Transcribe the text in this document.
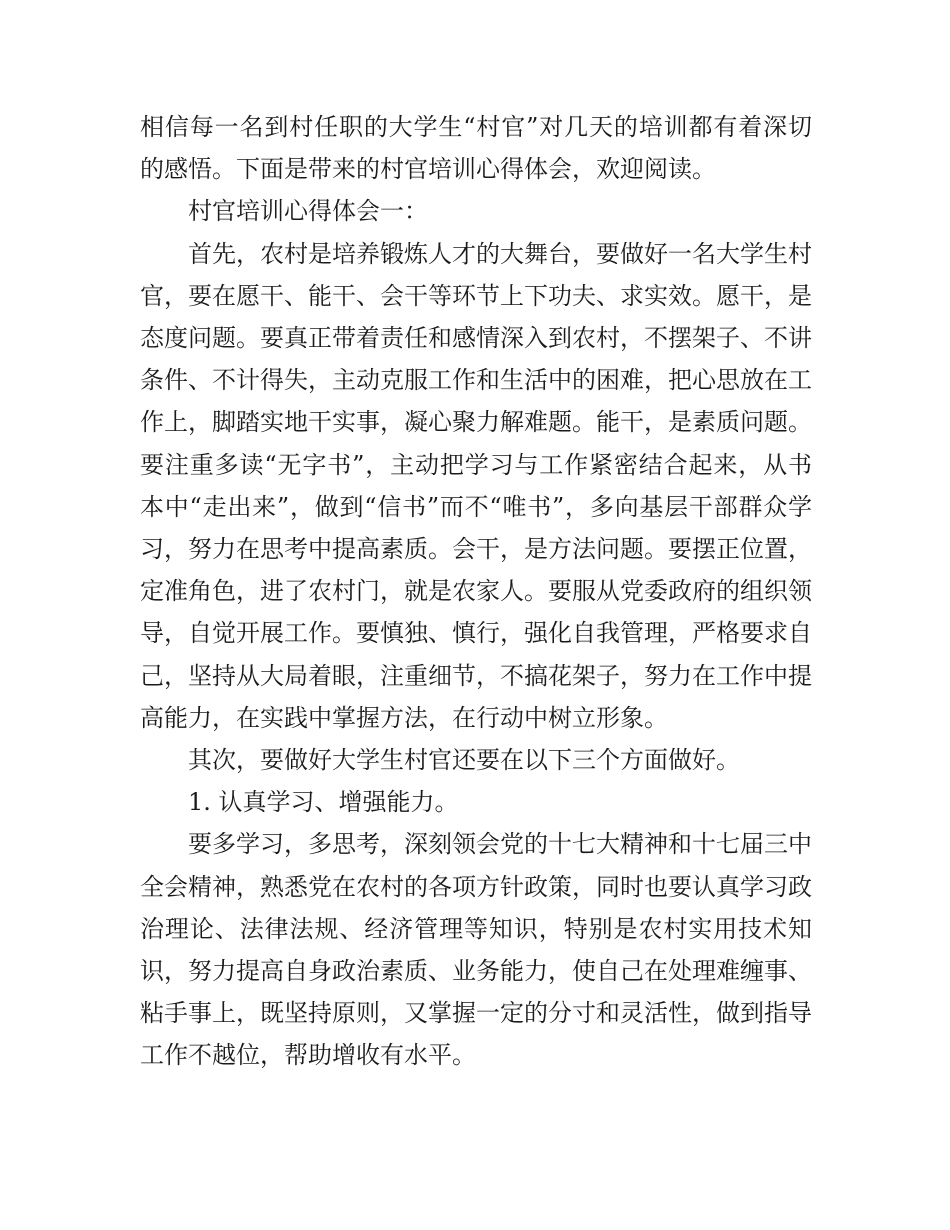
相信每一名到村任职的大学生“村官”对几天的培训都有着深切的感悟。下面是带来的村官培训心得体会，欢迎阅读。

村官培训心得体会一：

首先，农村是培养锻炼人才的大舞台，要做好一名大学生村官，要在愿干、能干、会干等环节上下功夫、求实效。愿干，是态度问题。要真正带着责任和感情深入到农村，不摆架子、不讲条件、不计得失，主动克服工作和生活中的困难，把心思放在工作上，脚踏实地干实事，凝心聚力解难题。能干，是素质问题。要注重多读“无字书”，主动把学习与工作紧密结合起来，从书本中“走出来”，做到“信书”而不“唯书”，多向基层干部群众学习，努力在思考中提高素质。会干，是方法问题。要摆正位置，定准角色，进了农村门，就是农家人。要服从党委政府的组织领导，自觉开展工作。要慎独、慎行，强化自我管理，严格要求自己，坚持从大局着眼，注重细节，不搞花架子，努力在工作中提高能力，在实践中掌握方法，在行动中树立形象。

其次，要做好大学生村官还要在以下三个方面做好。

1. 认真学习、增强能力。

要多学习，多思考，深刻领会党的十七大精神和十七届三中全会精神，熟悉党在农村的各项方针政策，同时也要认真学习政治理论、法律法规、经济管理等知识，特别是农村实用技术知识，努力提高自身政治素质、业务能力，使自己在处理难缠事、粘手事上，既坚持原则，又掌握一定的分寸和灵活性，做到指导工作不越位，帮助增收有水平。
